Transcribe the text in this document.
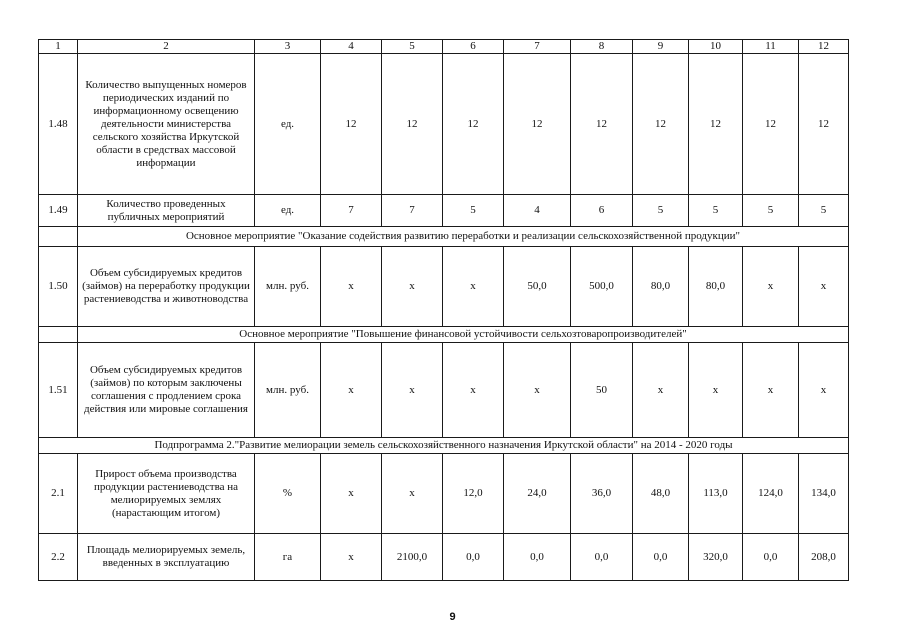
1	2	3	4	5	6	7	8	9	10	11	12
1.48	Количество выпущенных номеров периодических изданий по информационному освещению деятельности министерства сельского хозяйства Иркутской области в средствах массовой информации	ед.	12	12	12	12	12	12	12	12	12
1.49	Количество проведенных публичных мероприятий	ед.	7	7	5	4	6	5	5	5	5
	Основное мероприятие "Оказание содействия развитию переработки и реализации сельскохозяйственной продукции"										
1.50	Объем субсидируемых кредитов (займов) на переработку продукции растениеводства и животноводства	млн. руб.	x	x	x	50,0	500,0	80,0	80,0	x	x
	Основное мероприятие "Повышение финансовой устойчивости сельхозтоваропроизводителей"										
1.51	Объем субсидируемых кредитов (займов) по которым заключены соглашения с продлением срока действия или мировые соглашения	млн. руб.	x	x	x	x	50	x	x	x	x
Подпрограмма 2."Развитие мелиорации земель сельскохозяйственного назначения Иркутской области" на 2014 - 2020 годы											
2.1	Прирост объема производства продукции растениеводства на мелиорируемых землях (нарастающим итогом)	%	x	x	12,0	24,0	36,0	48,0	113,0	124,0	134,0
2.2	Площадь мелиорируемых земель, введенных в эксплуатацию	га	x	2100,0	0,0	0,0	0,0	0,0	320,0	0,0	208,0
9
